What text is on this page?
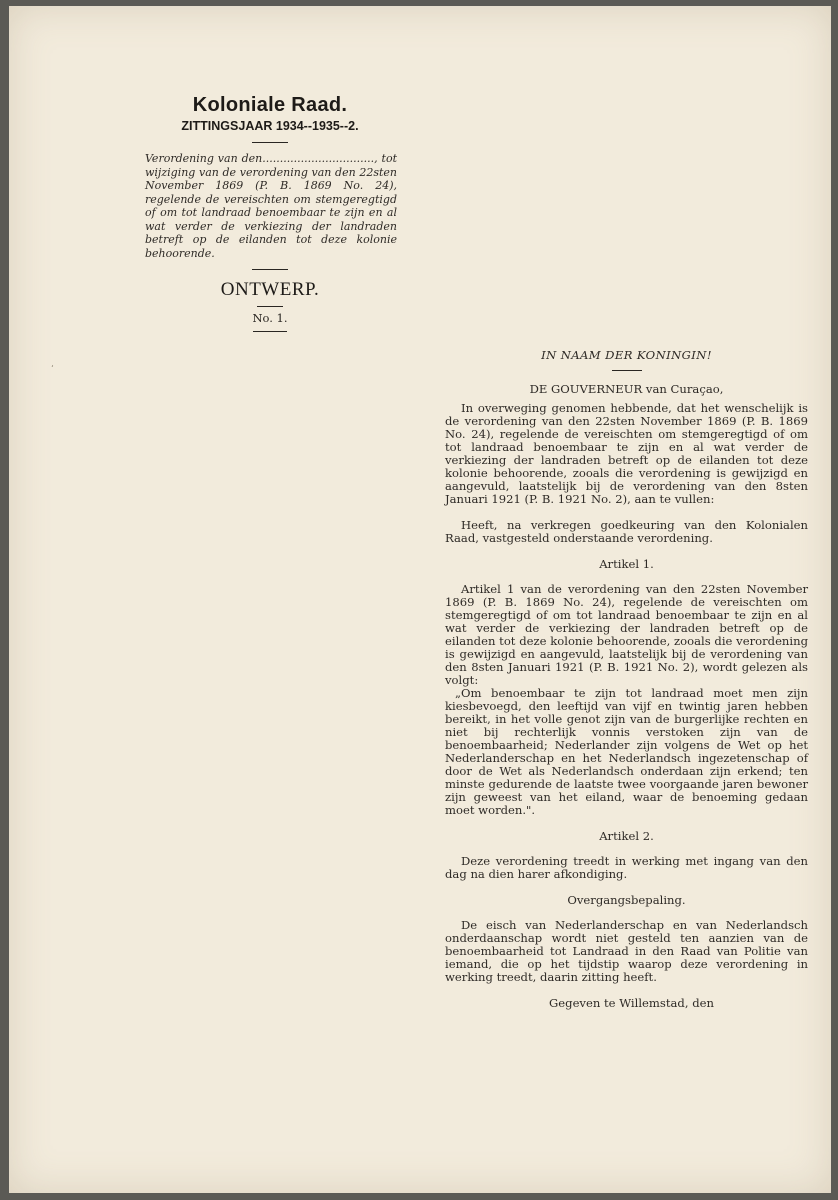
ʻ
Koloniale Raad.
ZITTINGSJAAR 1934--1935--2.
Verordening van den................................, tot wijziging van de verordening van den 22sten November 1869 (P. B. 1869 No. 24), regelende de vereischten om stemgeregtigd of om tot landraad benoembaar te zijn en al wat verder de verkiezing der landraden betreft op de eilanden tot deze kolonie behoorende.
ONTWERP.
No. 1.
IN NAAM DER KONINGIN!
DE GOUVERNEUR van Curaçao,

In overweging genomen hebbende, dat het wenschelijk is de verordening van den 22sten November 1869 (P. B. 1869 No. 24), regelende de vereischten om stemgeregtigd of om tot landraad benoembaar te zijn en al wat verder de verkiezing der landraden betreft op de eilanden tot deze kolonie behoorende, zooals die verordening is gewijzigd en aangevuld, laatstelijk bij de verordening van den 8sten Januari 1921 (P. B. 1921 No. 2), aan te vullen:

Heeft, na verkregen goedkeuring van den Kolonialen Raad, vastgesteld onderstaande verordening.

Artikel 1.

Artikel 1 van de verordening van den 22sten November 1869 (P. B. 1869 No. 24), regelende de vereischten om stemgeregtigd of om tot landraad benoembaar te zijn en al wat verder de verkiezing der landraden betreft op de eilanden tot deze kolonie behoorende, zooals die verordening is gewijzigd en aangevuld, laatstelijk bij de verordening van den 8sten Januari 1921 (P. B. 1921 No. 2), wordt gelezen als volgt:

„Om benoembaar te zijn tot landraad moet men zijn kiesbevoegd, den leeftijd van vijf en twintig jaren hebben bereikt, in het volle genot zijn van de burgerlijke rechten en niet bij rechterlijk vonnis verstoken zijn van de benoembaarheid; Nederlander zijn volgens de Wet op het Nederlanderschap en het Nederlandsch ingezetenschap of door de Wet als Nederlandsch onderdaan zijn erkend; ten minste gedurende de laatste twee voorgaande jaren bewoner zijn geweest van het eiland, waar de benoeming gedaan moet worden.".

Artikel 2.

Deze verordening treedt in werking met ingang van den dag na dien harer afkondiging.

Overgangsbepaling.

De eisch van Nederlanderschap en van Nederlandsch onderdaanschap wordt niet gesteld ten aanzien van de benoembaarheid tot Landraad in den Raad van Politie van iemand, die op het tijdstip waarop deze verordening in werking treedt, daarin zitting heeft.

Gegeven te Willemstad, den
